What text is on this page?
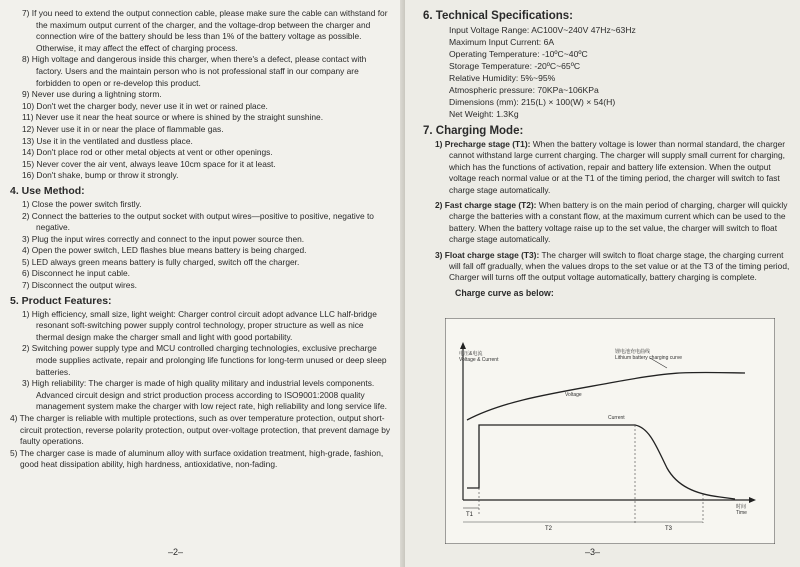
7) If you need to extend the output connection cable, please make sure the cable can withstand for the maximum output current of the charger, and the voltage-drop between the charger and connection wire of the battery should be less than 1% of the battery voltage as possible. Otherwise, it may affect the effect of charging process.

8) High voltage and dangerous inside this charger, when there's a defect, please contact with factory. Users and the maintain person who is not professional staff in our company are forbidden to open or re-develop this product.

9) Never use during a lightning storm.

10) Don't wet the charger body, never use it in wet or rained place.

11) Never use it near the heat source or where is shined by the straight sunshine.

12) Never use it in or near the place of flammable gas.

13) Use it in the ventilated and dustless place.

14) Don't place rod or other metal objects at vent or other openings.

15) Never cover the air vent, always leave 10cm space for it at least.

16) Don't shake, bump or throw it strongly.

4. Use Method:

1) Close the power switch firstly.

2) Connect the batteries to the output socket with output wires—positive to positive, negative to negative.

3) Plug the input wires correctly and connect to the input power source then.

4) Open the power switch, LED flashes blue means battery is being charged.

5) LED always green means battery is fully charged, switch off the charger.

6) Disconnect he input cable.

7) Disconnect the output wires.

5. Product Features:

1) High efficiency, small size, light weight: Charger control circuit adopt advance LLC half-bridge resonant soft-switching power supply control technology, proper structure as well as nice thermal design make the charger small and light with good portability.

2) Switching power supply type and MCU controlled charging technologies, exclusive precharge mode supplies activate, repair and prolonging life functions for long-term unused or deep sleep batteries.

3) High reliability: The charger is made of high quality military and industrial levels components. Advanced circuit design and strict production process according to ISO9001:2008 quality management system make the charger with low reject rate, high reliability and long service life.

4) The charger is reliable with multiple protections, such as over temperature protection, output short-circuit protection, reverse polarity protection, output over-voltage protection, that prevent damage by faulty operations.

5) The charger case is made of aluminum alloy with surface oxidation treatment, high-grade, fashion, good heat dissipation ability, high hardness, antioxidative, non-fading.

–2–
6. Technical Specifications:

Input Voltage Range: AC100V~240V 47Hz~63Hz

Maximum Input Current: 6A

Operating Temperature: -10ºC~40ºC

Storage Temperature: -20ºC~65ºC

Relative Humidity: 5%~95%

Atmospheric pressure: 70KPa~106KPa

Dimensions (mm): 215(L) × 100(W) × 54(H)

Net Weight: 1.3Kg

7. Charging Mode:

1) Precharge stage (T1): When the battery voltage is lower than normal standard, the charger cannot withstand large current charging. The charger will supply small current for charging, which has the functions of activation, repair and battery life extension. When the output voltage reach normal value or at the T1 of the timing period, the charger will switch to fast charge stage automatically.

2) Fast charge stage (T2): When battery is on the main period of charging, charger will quickly charge the batteries with a constant flow, at the maximum current which can be used to the battery. When the battery voltage raise up to the set value, the charger will switch to float charge stage automatically.

3) Float charge stage (T3): The charger will switch to float charge stage, the charging current will fall off gradually, when the values drops to the set value or at the T3 of the timing period, Charger will turns off the output voltage automatically, battery charging is complete.

Charge curve as below:
电压&电流
Voltage & Current
锂电池充电曲线
Lithium battery charging curve
Voltage
Current
T1
T2	T3
时间
Time
–3–
